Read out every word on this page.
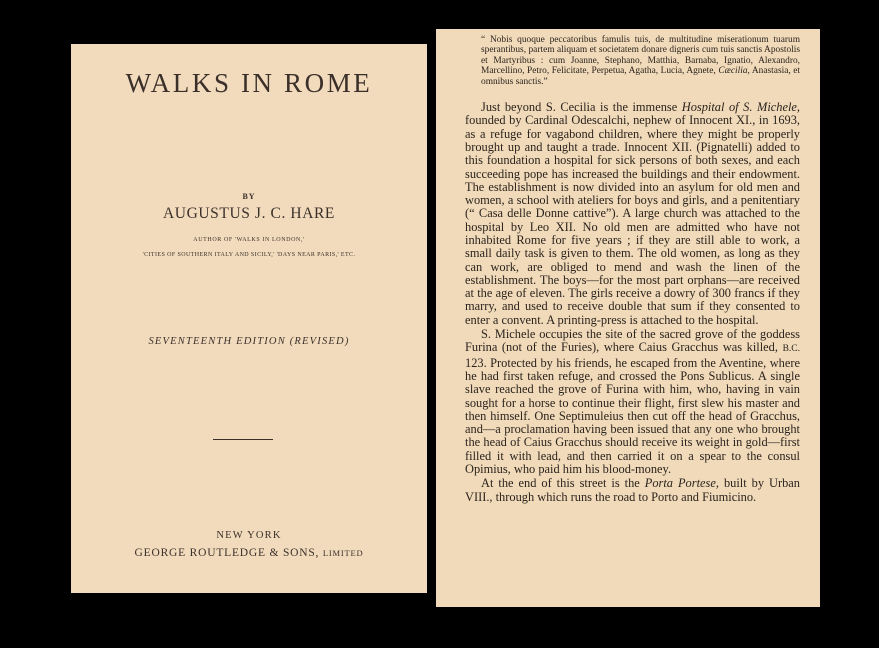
WALKS IN ROME
BY
AUGUSTUS J. C. HARE
AUTHOR OF 'WALKS IN LONDON,'
'CITIES OF SOUTHERN ITALY AND SICILY,' 'DAYS NEAR PARIS,' ETC.
SEVENTEENTH EDITION (REVISED)
NEW YORK
GEORGE ROUTLEDGE & SONS, LIMITED

“ Nobis quoque peccatoribus famulis tuis, de multitudine miserationum tuarum sperantibus, partem aliquam et societatem donare digneris cum tuis sanctis Apostolis et Martyribus : cum Joanne, Stephano, Matthia, Barnaba, Ignatio, Alexandro, Marcellino, Petro, Felicitate, Perpetua, Agatha, Lucia, Agnete, Cæcilia, Anastasia, et omnibus sanctis.”

Just beyond S. Cecilia is the immense Hospital of S. Michele, founded by Cardinal Odescalchi, nephew of Innocent XI., in 1693, as a refuge for vagabond children, where they might be properly brought up and taught a trade. Innocent XII. (Pignatelli) added to this foundation a hospital for sick persons of both sexes, and each succeeding pope has increased the buildings and their endowment. The establishment is now divided into an asylum for old men and women, a school with ateliers for boys and girls, and a penitentiary (“ Casa delle Donne cattive”). A large church was attached to the hospital by Leo XII. No old men are admitted who have not inhabited Rome for five years ; if they are still able to work, a small daily task is given to them. The old women, as long as they can work, are obliged to mend and wash the linen of the establishment. The boys—for the most part orphans—are received at the age of eleven. The girls receive a dowry of 300 francs if they marry, and used to receive double that sum if they consented to enter a convent. A printing-press is attached to the hospital.

S. Michele occupies the site of the sacred grove of the goddess Furina (not of the Furies), where Caius Gracchus was killed, B.C. 123. Protected by his friends, he escaped from the Aventine, where he had first taken refuge, and crossed the Pons Sublicus. A single slave reached the grove of Furina with him, who, having in vain sought for a horse to continue their flight, first slew his master and then himself. One Septimuleius then cut off the head of Gracchus, and—a proclamation having been issued that any one who brought the head of Caius Gracchus should receive its weight in gold—first filled it with lead, and then carried it on a spear to the consul Opimius, who paid him his blood-money.

At the end of this street is the Porta Portese, built by Urban VIII., through which runs the road to Porto and Fiumicino.
